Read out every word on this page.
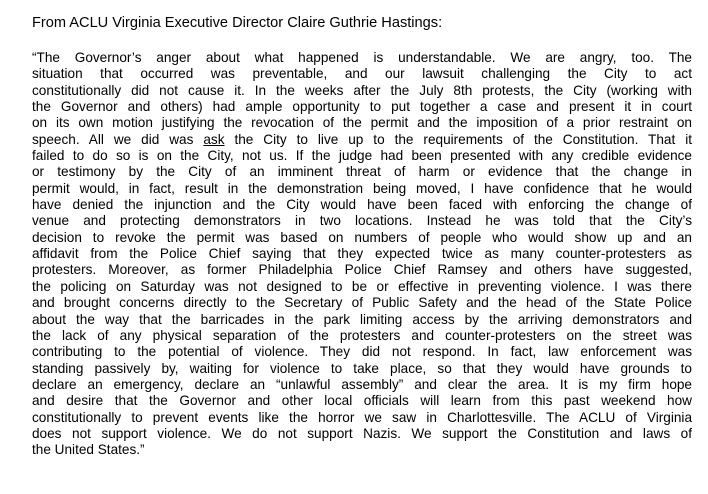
From ACLU Virginia Executive Director Claire Guthrie Hastings:

“The Governor’s anger about what happened is understandable. We are angry, too. The
situation that occurred was preventable, and our lawsuit challenging the City to act
constitutionally did not cause it. In the weeks after the July 8th protests, the City (working with
the Governor and others) had ample opportunity to put together a case and present it in court
on its own motion justifying the revocation of the permit and the imposition of a prior restraint on
speech. All we did was ask the City to live up to the requirements of the Constitution. That it
failed to do so is on the City, not us. If the judge had been presented with any credible evidence
or testimony by the City of an imminent threat of harm or evidence that the change in
permit would, in fact, result in the demonstration being moved, I have confidence that he would
have denied the injunction and the City would have been faced with enforcing the change of
venue and protecting demonstrators in two locations. Instead he was told that the City’s
decision to revoke the permit was based on numbers of people who would show up and an
affidavit from the Police Chief saying that they expected twice as many counter-protesters as
protesters. Moreover, as former Philadelphia Police Chief Ramsey and others have suggested,
the policing on Saturday was not designed to be or effective in preventing violence. I was there
and brought concerns directly to the Secretary of Public Safety and the head of the State Police
about the way that the barricades in the park limiting access by the arriving demonstrators and
the lack of any physical separation of the protesters and counter-protesters on the street was
contributing to the potential of violence. They did not respond. In fact, law enforcement was
standing passively by, waiting for violence to take place, so that they would have grounds to
declare an emergency, declare an “unlawful assembly” and clear the area. It is my firm hope
and desire that the Governor and other local officials will learn from this past weekend how
constitutionally to prevent events like the horror we saw in Charlottesville. The ACLU of Virginia
does not support violence. We do not support Nazis. We support the Constitution and laws of
the United States.”
